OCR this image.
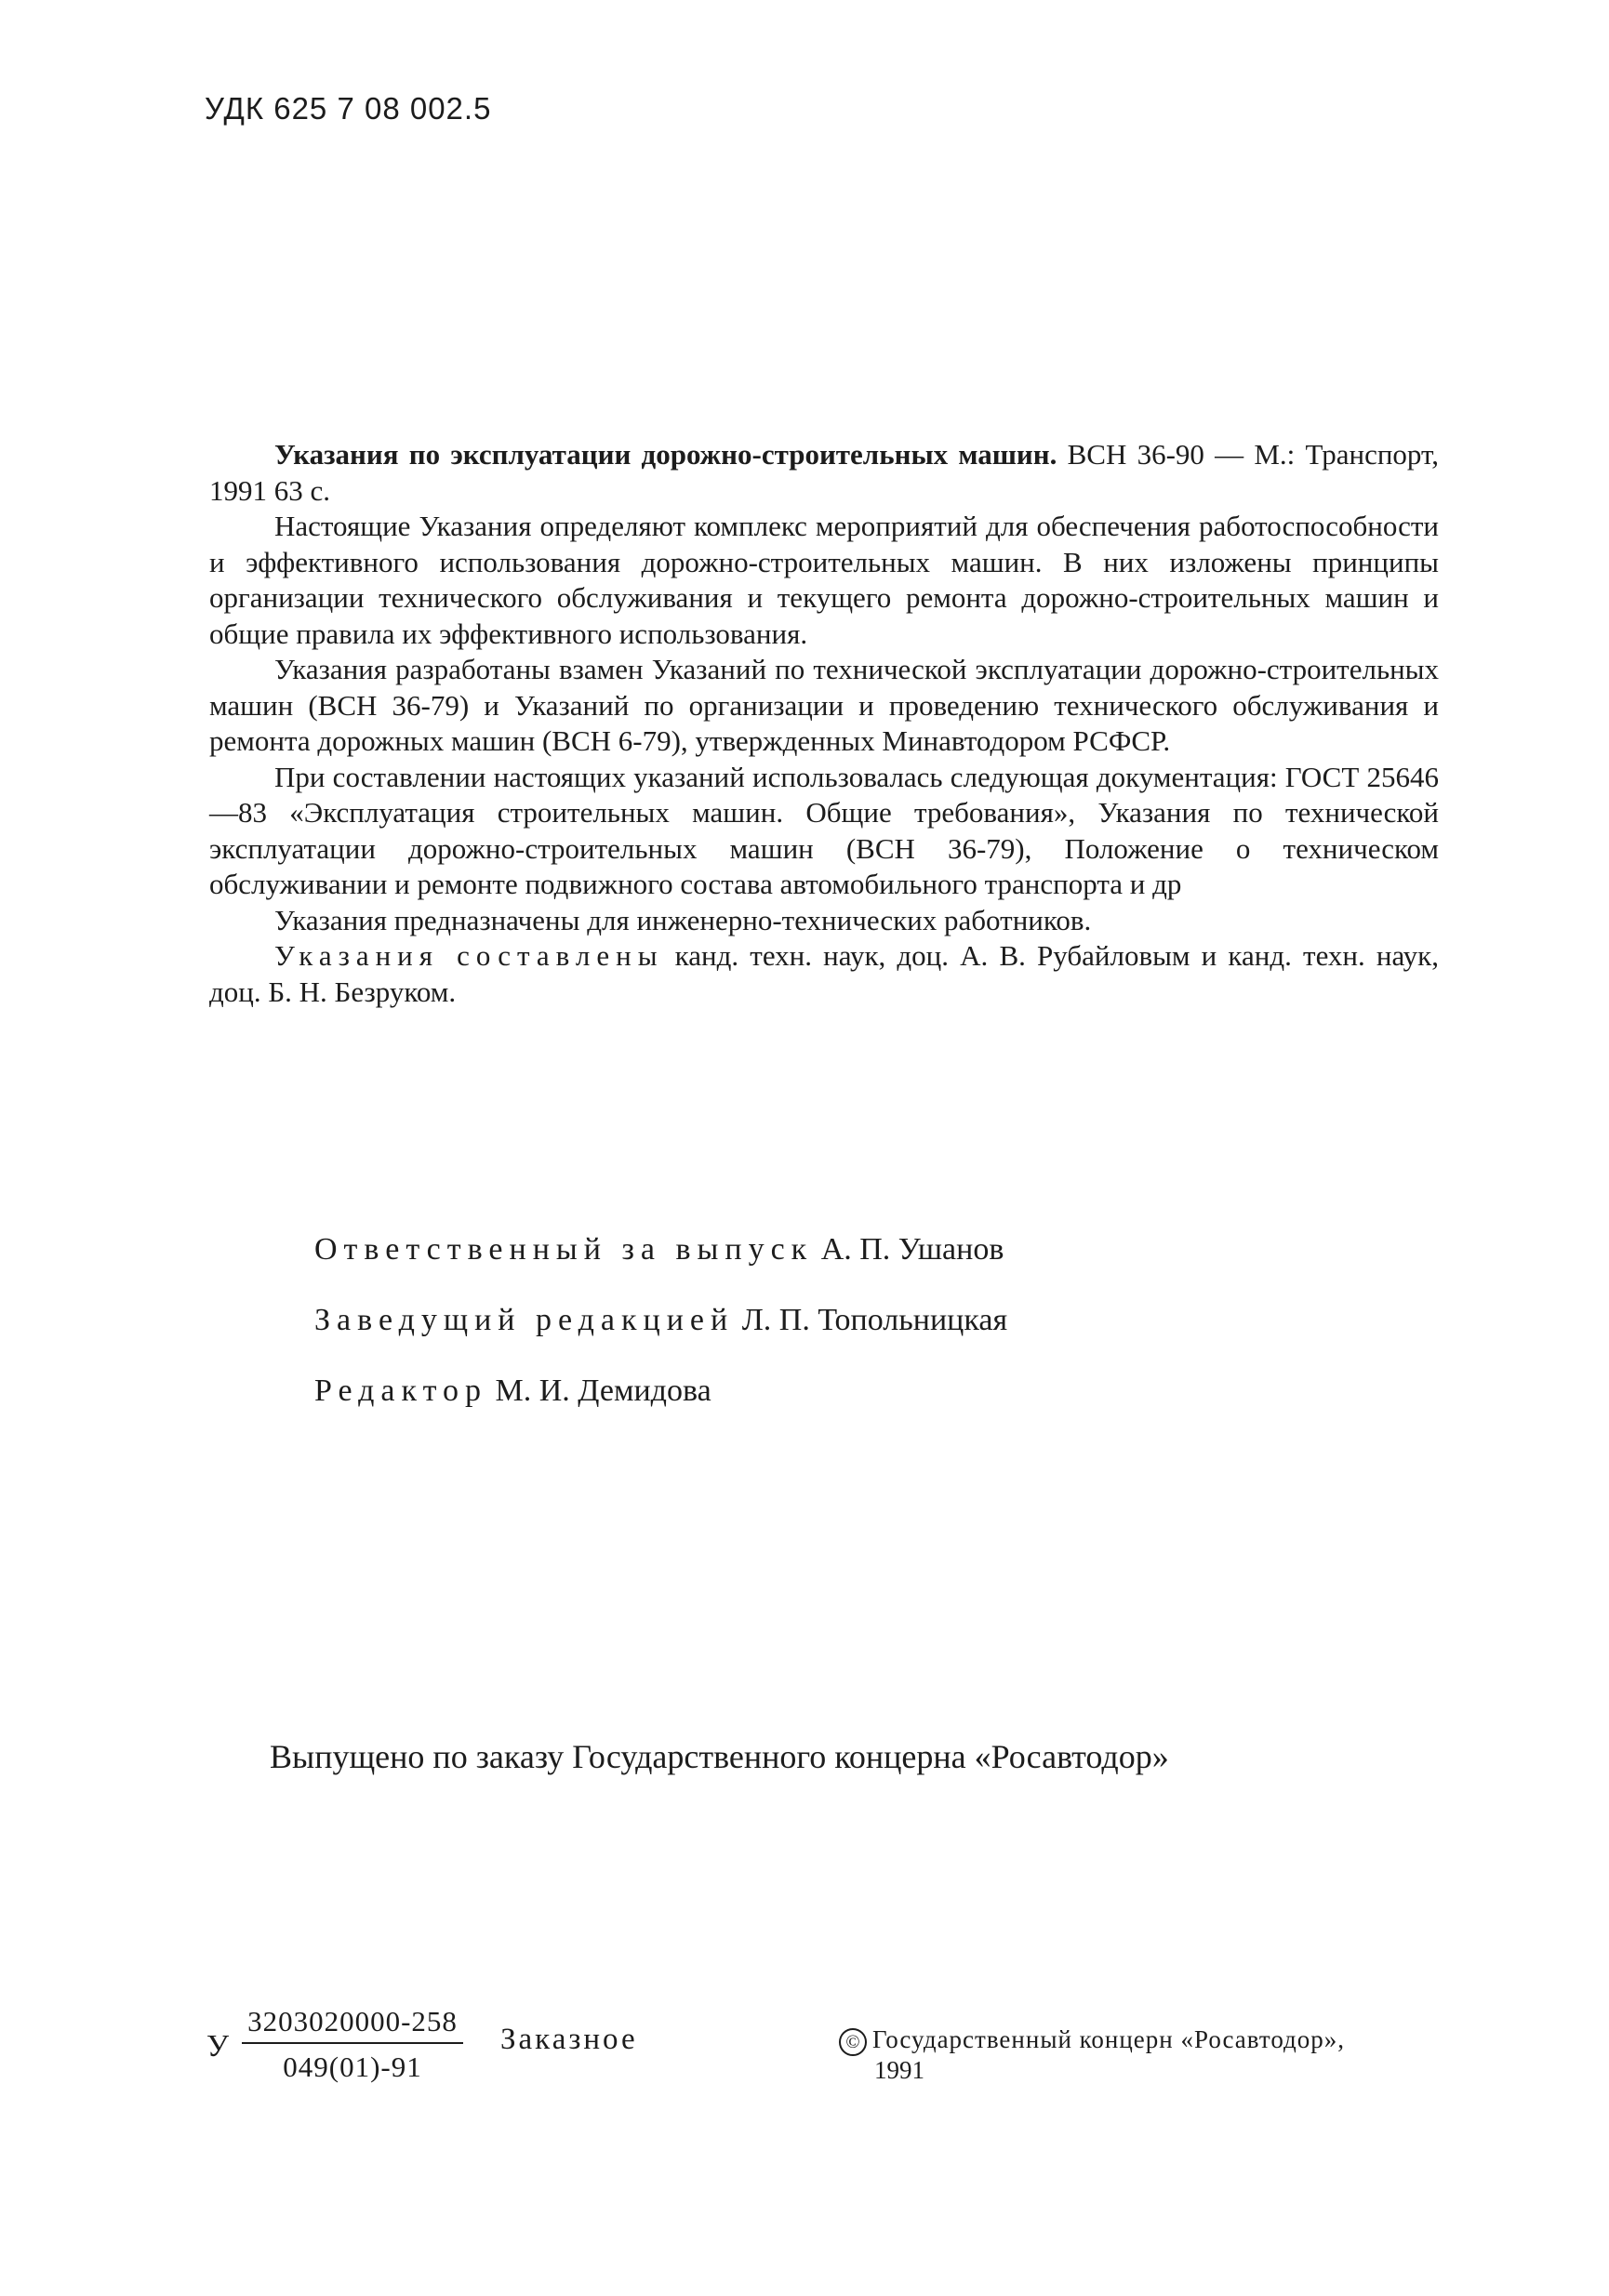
УДК 625 7 08 002.5

Указания по эксплуатации дорожно-строительных машин. ВСН 36-90 — М.: Транспорт, 1991 63 с.

Настоящие Указания определяют комплекс мероприятий для обеспечения работоспособности и эффективного использования дорожно-строительных машин. В них изложены принципы организации технического обслуживания и текущего ремонта дорожно-строительных машин и общие правила их эффективного использования.

Указания разработаны взамен Указаний по технической эксплуатации дорожно-строительных машин (ВСН 36-79) и Указаний по организации и проведению технического обслуживания и ремонта дорожных машин (ВСН 6-79), утвержденных Минавтодором РСФСР.

При составлении настоящих указаний использовалась следующая документация: ГОСТ 25646—83 «Эксплуатация строительных машин. Общие требования», Указания по технической эксплуатации дорожно-строительных машин (ВСН 36-79), Положение о техническом обслуживании и ремонте подвижного состава автомобильного транспорта и др

Указания предназначены для инженерно-технических работников.

Указания составлены канд. техн. наук, доц. А. В. Рубайловым и канд. техн. наук, доц. Б. Н. Безруком.

Ответственный за выпуск А. П. Ушанов
Заведущий редакцией Л. П. Топольницкая
Редактор М. И. Демидова
Выпущено по заказу Государственного концерна «Росавтодор»
У
3203020000-258
049(01)-91
Заказное	© Государственный концерн «Росавтодор»,
1991
